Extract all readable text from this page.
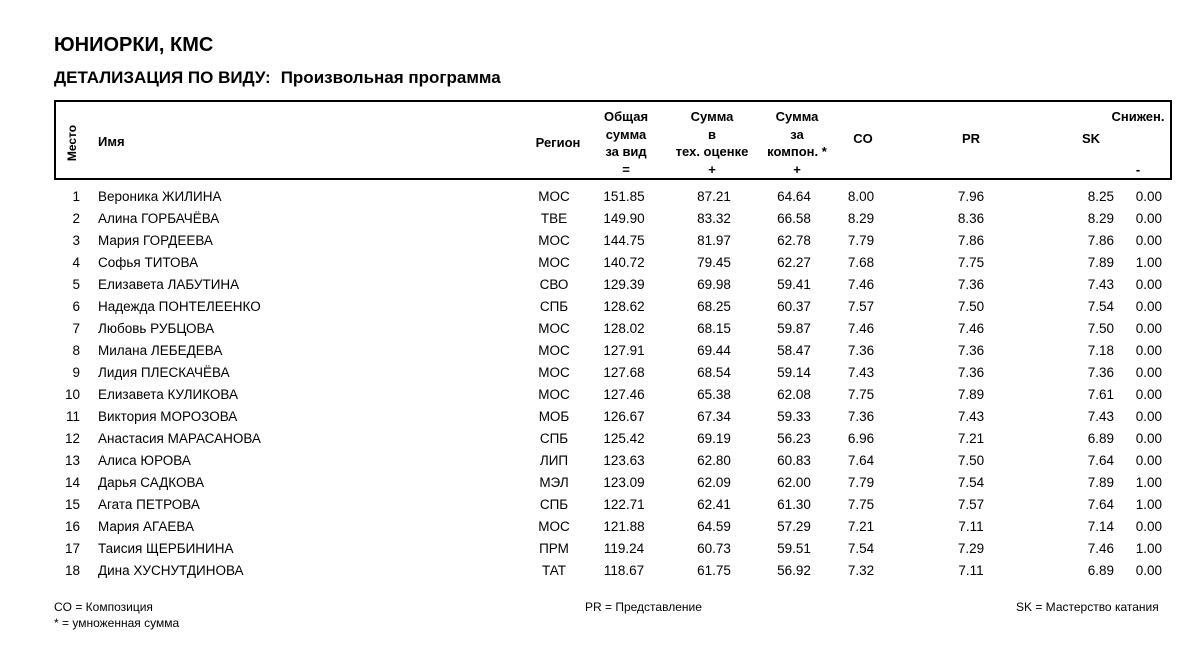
ЮНИОРКИ, КМС
ДЕТАЛИЗАЦИЯ ПО ВИДУ: Произвольная программа
Место Имя	Регион
Общая
сумма
за вид
=
Сумма
в
тех. оценке
+
Сумма
за
компон. *
+
CO	PR	SK
Снижен.
-
1 Вероника ЖИЛИНА	МОС	151.85	87.21	64.64	8.00	7.96	8.25	0.00
2 Алина ГОРБАЧЁВА	ТВЕ	149.90	83.32	66.58	8.29	8.36	8.29	0.00
3 Мария ГОРДЕЕВА	МОС	144.75	81.97	62.78	7.79	7.86	7.86	0.00
4 Софья ТИТОВА	МОС	140.72	79.45	62.27	7.68	7.75	7.89	1.00
5 Елизавета ЛАБУТИНА	СВО	129.39	69.98	59.41	7.46	7.36	7.43	0.00
6 Надежда ПОНТЕЛЕЕНКО	СПБ	128.62	68.25	60.37	7.57	7.50	7.54	0.00
7 Любовь РУБЦОВА	МОС	128.02	68.15	59.87	7.46	7.46	7.50	0.00
8 Милана ЛЕБЕДЕВА	МОС	127.91	69.44	58.47	7.36	7.36	7.18	0.00
9 Лидия ПЛЕСКАЧЁВА	МОС	127.68	68.54	59.14	7.43	7.36	7.36	0.00
10 Елизавета КУЛИКОВА	МОС	127.46	65.38	62.08	7.75	7.89	7.61	0.00
11 Виктория МОРОЗОВА	МОБ	126.67	67.34	59.33	7.36	7.43	7.43	0.00
12 Анастасия МАРАСАНОВА	СПБ	125.42	69.19	56.23	6.96	7.21	6.89	0.00
13 Алиса ЮРОВА	ЛИП	123.63	62.80	60.83	7.64	7.50	7.64	0.00
14 Дарья САДКОВА	МЭЛ	123.09	62.09	62.00	7.79	7.54	7.89	1.00
15 Агата ПЕТРОВА	СПБ	122.71	62.41	61.30	7.75	7.57	7.64	1.00
16 Мария АГАЕВА	МОС	121.88	64.59	57.29	7.21	7.11	7.14	0.00
17 Таисия ЩЕРБИНИНА	ПРМ	119.24	60.73	59.51	7.54	7.29	7.46	1.00
18 Дина ХУСНУТДИНОВА	ТАТ	118.67	61.75	56.92	7.32	7.11	6.89	0.00
CO = Композиция
* = умноженная сумма
PR = Представление	SK = Мастерство катания
